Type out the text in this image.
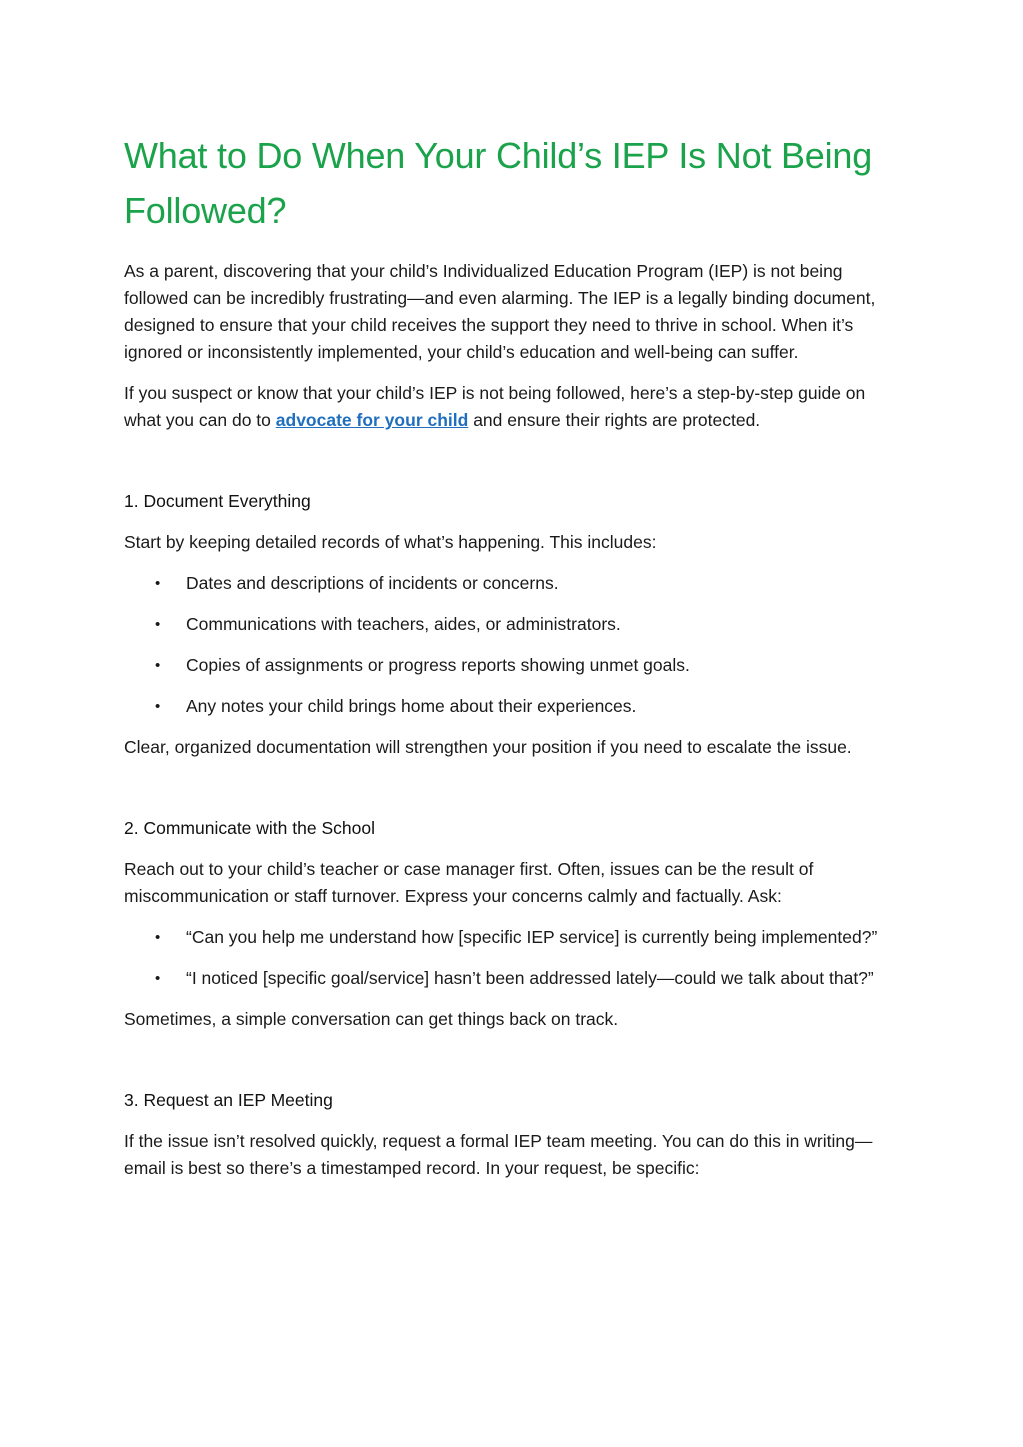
What to Do When Your Child’s IEP Is Not Being Followed?

As a parent, discovering that your child’s Individualized Education Program (IEP) is not being followed can be incredibly frustrating—and even alarming. The IEP is a legally binding document, designed to ensure that your child receives the support they need to thrive in school. When it’s ignored or inconsistently implemented, your child’s education and well-being can suffer.

If you suspect or know that your child’s IEP is not being followed, here’s a step-by-step guide on what you can do to advocate for your child and ensure their rights are protected.

1. Document Everything

Start by keeping detailed records of what’s happening. This includes:

• Dates and descriptions of incidents or concerns.
• Communications with teachers, aides, or administrators.
• Copies of assignments or progress reports showing unmet goals.
• Any notes your child brings home about their experiences.

Clear, organized documentation will strengthen your position if you need to escalate the issue.

2. Communicate with the School

Reach out to your child’s teacher or case manager first. Often, issues can be the result of miscommunication or staff turnover. Express your concerns calmly and factually. Ask:

• “Can you help me understand how [specific IEP service] is currently being implemented?”
• “I noticed [specific goal/service] hasn’t been addressed lately—could we talk about that?”

Sometimes, a simple conversation can get things back on track.

3. Request an IEP Meeting

If the issue isn’t resolved quickly, request a formal IEP team meeting. You can do this in writing—email is best so there’s a timestamped record. In your request, be specific:
